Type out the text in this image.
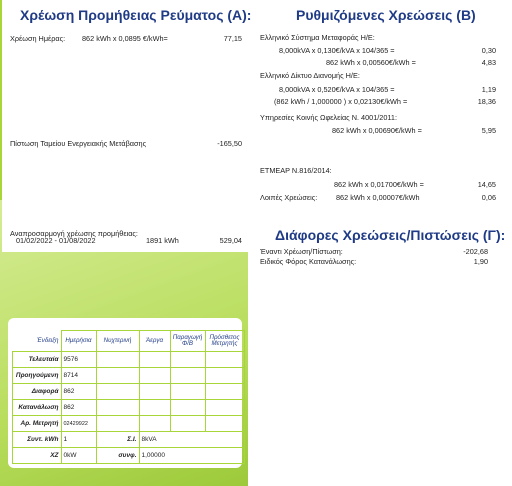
Χρέωση Προμήθειας Ρεύματος (Α):
Χρέωση Ημέρας: 862 kWh x 0,0895 €/kWh=	77,15
Πίστωση Ταμείου Ενεργειακής Μετάβασης	-165,50
Αναπροσαρμογή χρέωσης προμήθειας:
01/02/2022 - 01/08/2022	1891 kWh	529,04
Ρυθμιζόμενες Χρεώσεις (Β)
Ελληνικό Σύστημα Μεταφοράς Η/Ε:
8,000kVA x 0,130€/kVA x 104/365 =	0,30
862 kWh x 0,00560€/kWh =	4,83
Ελληνικό Δίκτυο Διανομής Η/Ε:
8,000kVA x 0,520€/kVA x 104/365 =	1,19
(862 kWh / 1,000000 ) x 0,02130€/kWh =	18,36
Υπηρεσίες Κοινής Ωφελείας Ν. 4001/2011:
862 kWh x 0,00690€/kWh =	5,95
ΕΤΜΕΑΡ Ν.816/2014:
862 kWh x 0,01700€/kWh =	14,65
Λοιπές Χρεώσεις:	862 kWh x 0,00007€/kWh	0,06
Διάφορες Χρεώσεις/Πιστώσεις (Γ):
Έναντι Χρέωση/Πίστωση:	-202,68
Ειδικός Φόρος Κατανάλωσης:	1,90
Ένδειξη	Ημερήσια	Νυχτερινή	Άεργα	Παραγωγή Φ/Β	Πρόσθετος Μετρητής
Τελευταία	9576				
Προηγούμενη	8714				
Διαφορά	862				
Κατανάλωση	862				
Αρ. Μετρητή	02429922				
Συντ. kWh	1	Σ.Ι.	8kVA		
ΧΖ	0kW	συνφ.	1,00000		
